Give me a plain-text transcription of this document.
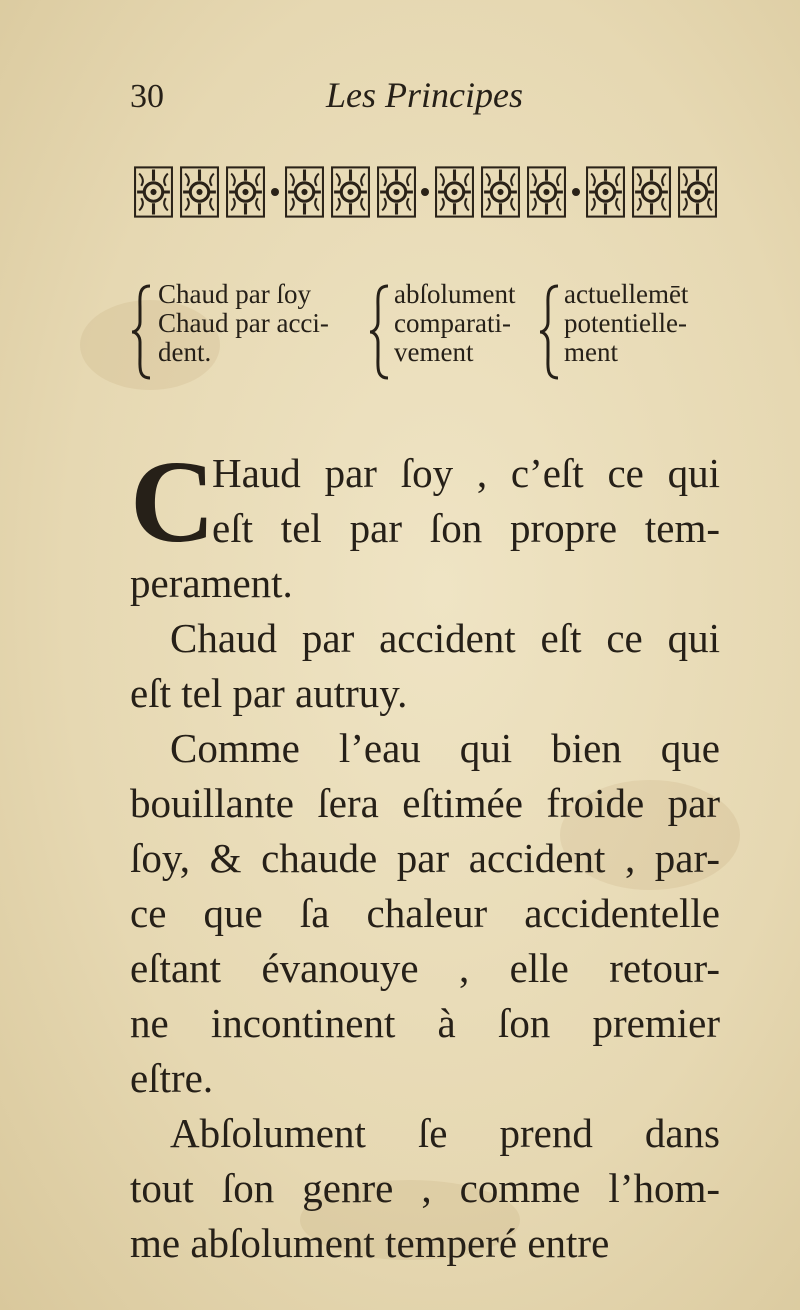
30	Les Principes
Chaud par ſoy
Chaud par acci-
dent.
abſolument
comparati-
vement
actuellemēt
potentielle-
ment
C
Haud par ſoy , c’eſt ce qui
eſt tel par ſon propre tem-
perament.
Chaud par accident eſt ce qui
eſt tel par autruy.
Comme l’eau qui bien que
bouillante ſera eſtimée froide par
ſoy, & chaude par accident , par-
ce que ſa chaleur accidentelle
eſtant évanouye , elle retour-
ne incontinent à ſon premier
eſtre.
Abſolument ſe prend dans
tout ſon genre , comme l’hom-
me abſolument temperé entre
